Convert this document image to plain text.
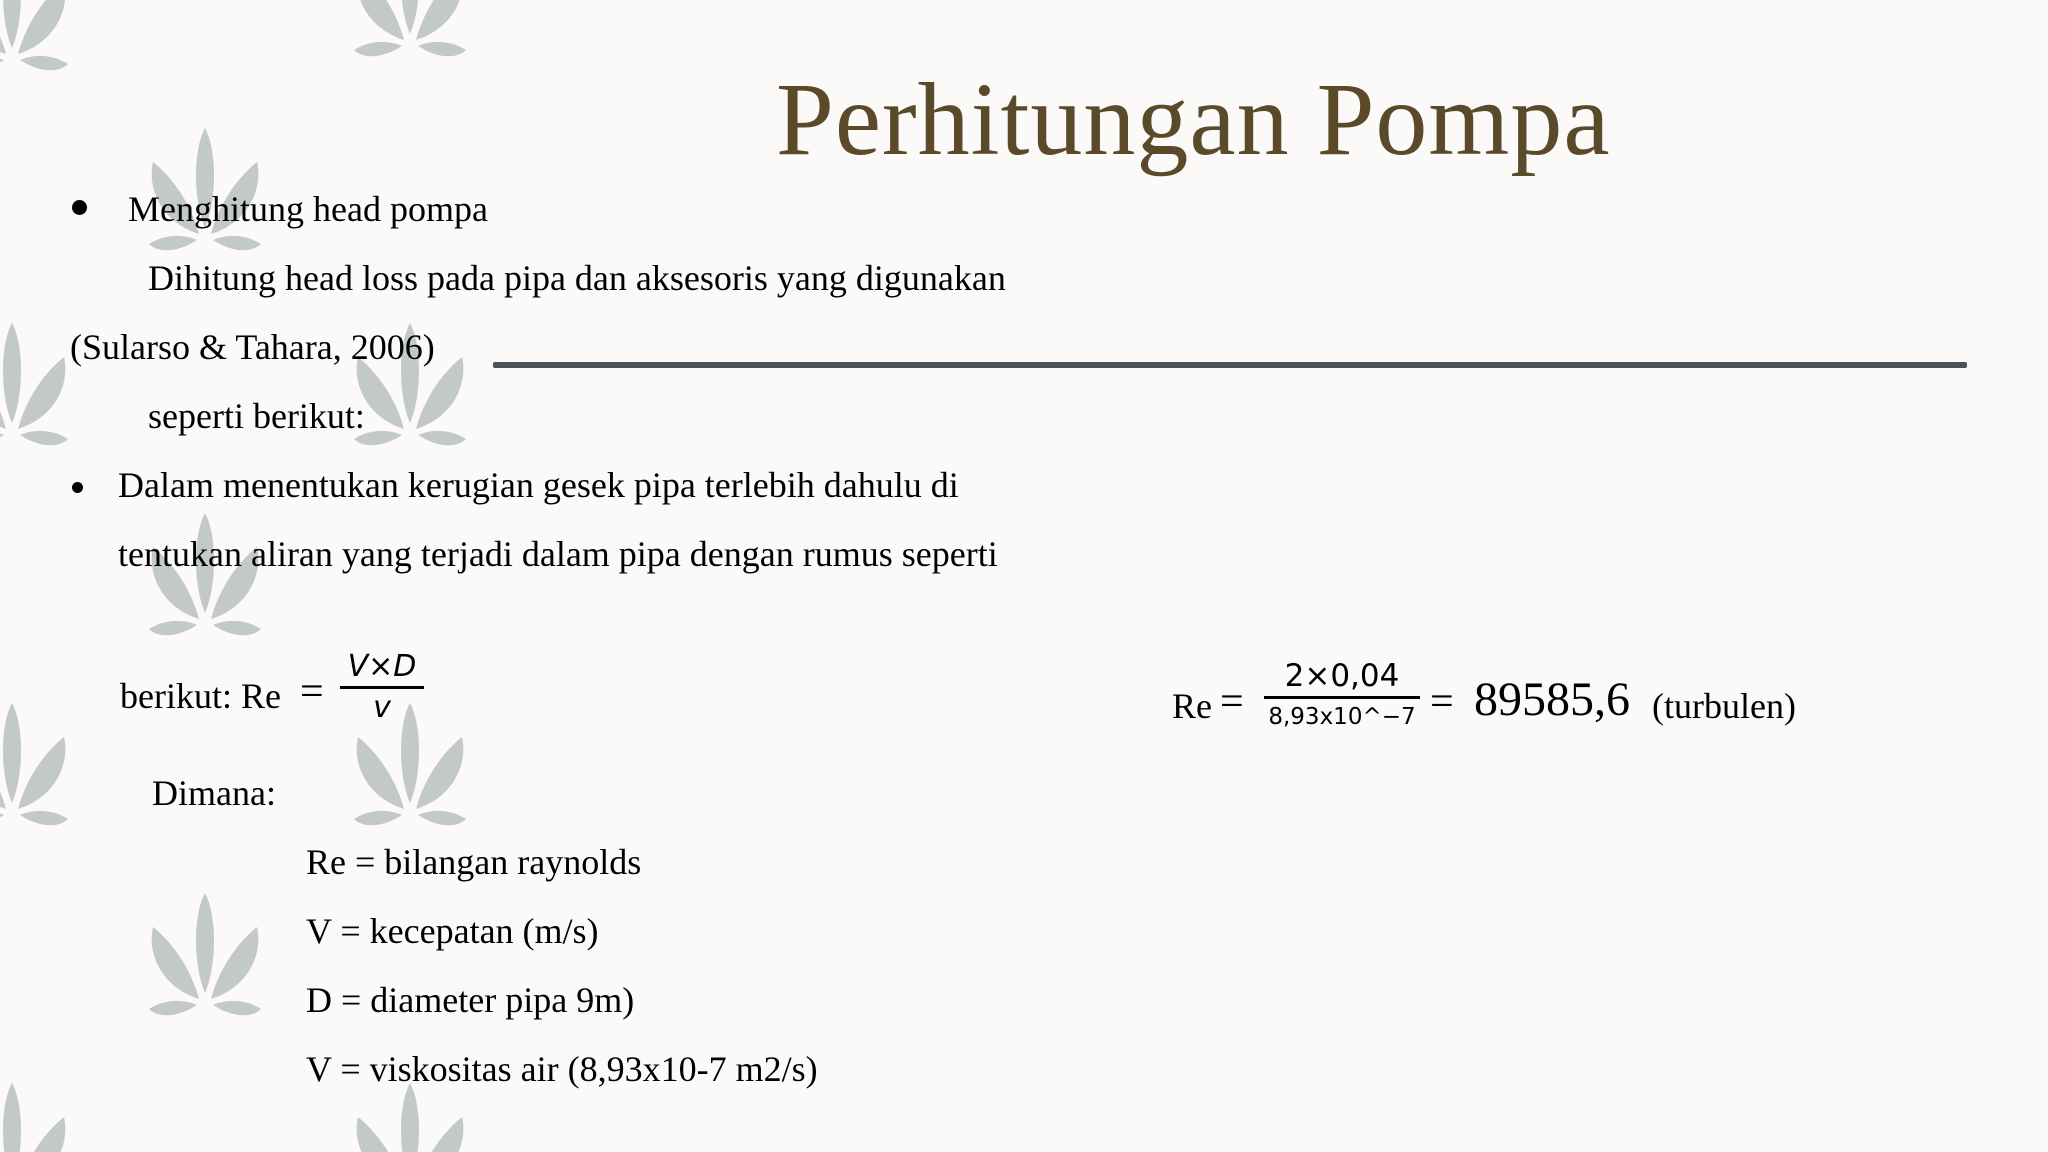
Perhitungan Pompa
Menghitung head pompa
Dihitung head loss pada pipa dan aksesoris yang digunakan
(Sularso & Tahara, 2006)
seperti berikut:
Dalam menentukan kerugian gesek pipa terlebih dahulu di
tentukan aliran yang terjadi dalam pipa dengan rumus seperti
berikut: Re =
V×D
v
Dimana:
Re = bilangan raynolds
V = kecepatan (m/s)
D = diameter pipa 9m)
V = viskositas air (8,93x10-7 m2/s)
Re =
2×0,04
8,93x10^−7 = 89585,6 (turbulen)
